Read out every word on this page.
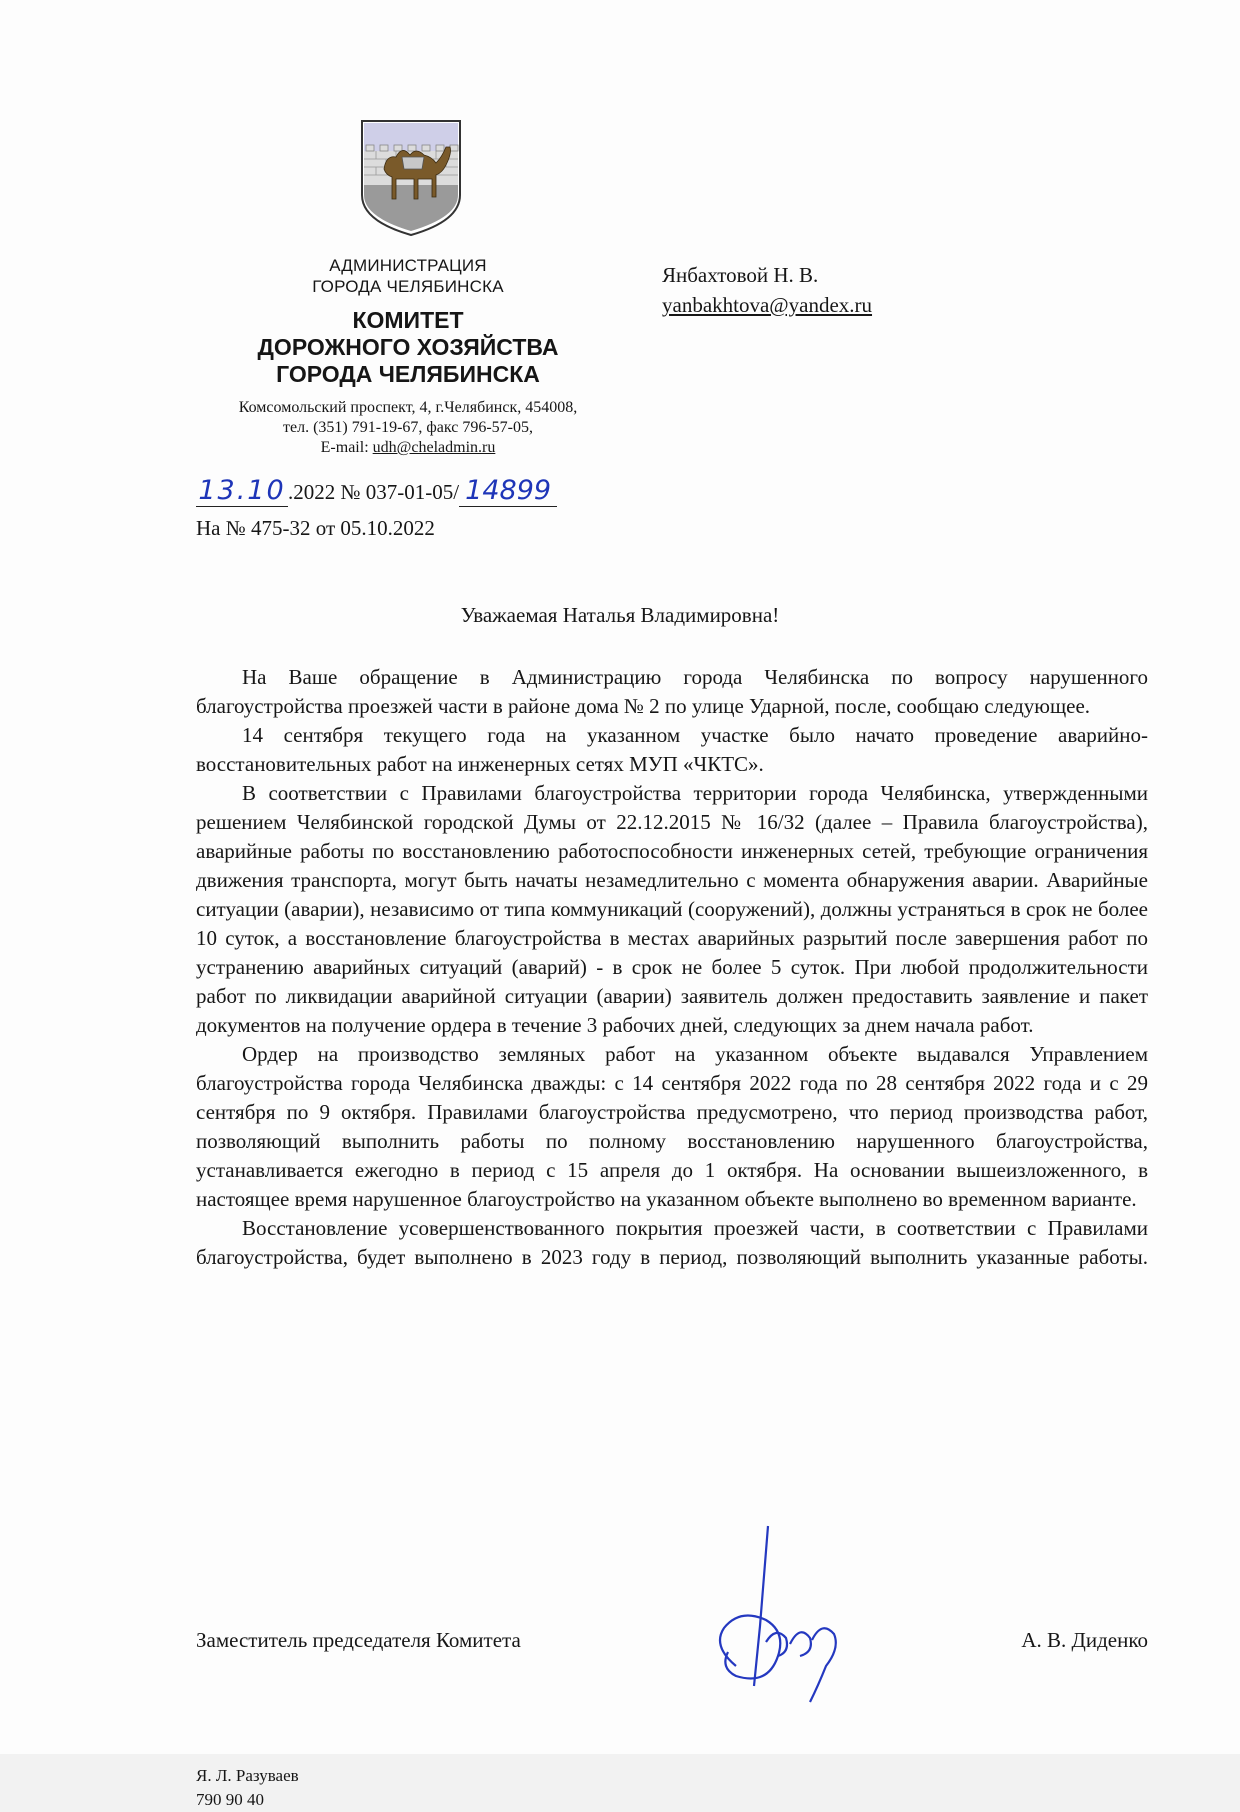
АДМИНИСТРАЦИЯ
ГОРОДА ЧЕЛЯБИНСКА
КОМИТЕТ
ДОРОЖНОГО ХОЗЯЙСТВА
ГОРОДА ЧЕЛЯБИНСКА
Комсомольский проспект, 4, г.Челябинск, 454008,
тел. (351) 791-19-67, факс 796-57-05,
E-mail: udh@cheladmin.ru
13.10 .2022 № 037-01-05/ 14899
На № 475-32 от 05.10.2022
Янбахтовой Н. В.
yanbakhtova@yandex.ru
Уважаемая Наталья Владимировна!

На Ваше обращение в Администрацию города Челябинска по вопросу нарушенного благоустройства проезжей части в районе дома № 2 по улице Ударной, после, сообщаю следующее.

14 сентября текущего года на указанном участке было начато проведение аварийно-восстановительных работ на инженерных сетях МУП «ЧКТС».

В соответствии с Правилами благоустройства территории города Челябинска, утвержденными решением Челябинской городской Думы от 22.12.2015 № 16/32 (далее – Правила благоустройства), аварийные работы по восстановлению работоспособности инженерных сетей, требующие ограничения движения транспорта, могут быть начаты незамедлительно с момента обнаружения аварии. Аварийные ситуации (аварии), независимо от типа коммуникаций (сооружений), должны устраняться в срок не более 10 суток, а восстановление благоустройства в местах аварийных разрытий после завершения работ по устранению аварийных ситуаций (аварий) - в срок не более 5 суток. При любой продолжительности работ по ликвидации аварийной ситуации (аварии) заявитель должен предоставить заявление и пакет документов на получение ордера в течение 3 рабочих дней, следующих за днем начала работ.

Ордер на производство земляных работ на указанном объекте выдавался Управлением благоустройства города Челябинска дважды: с 14 сентября 2022 года по 28 сентября 2022 года и с 29 сентября по 9 октября. Правилами благоустройства предусмотрено, что период производства работ, позволяющий выполнить работы по полному восстановлению нарушенного благоустройства, устанавливается ежегодно в период с 15 апреля до 1 октября. На основании вышеизложенного, в настоящее время нарушенное благоустройство на указанном объекте выполнено во временном варианте.

Восстановление усовершенствованного покрытия проезжей части, в соответствии с Правилами благоустройства, будет выполнено в 2023 году в период, позволяющий выполнить указанные работы.

Заместитель председателя Комитета	А. В. Диденко
Я. Л. Разуваев
790 90 40
